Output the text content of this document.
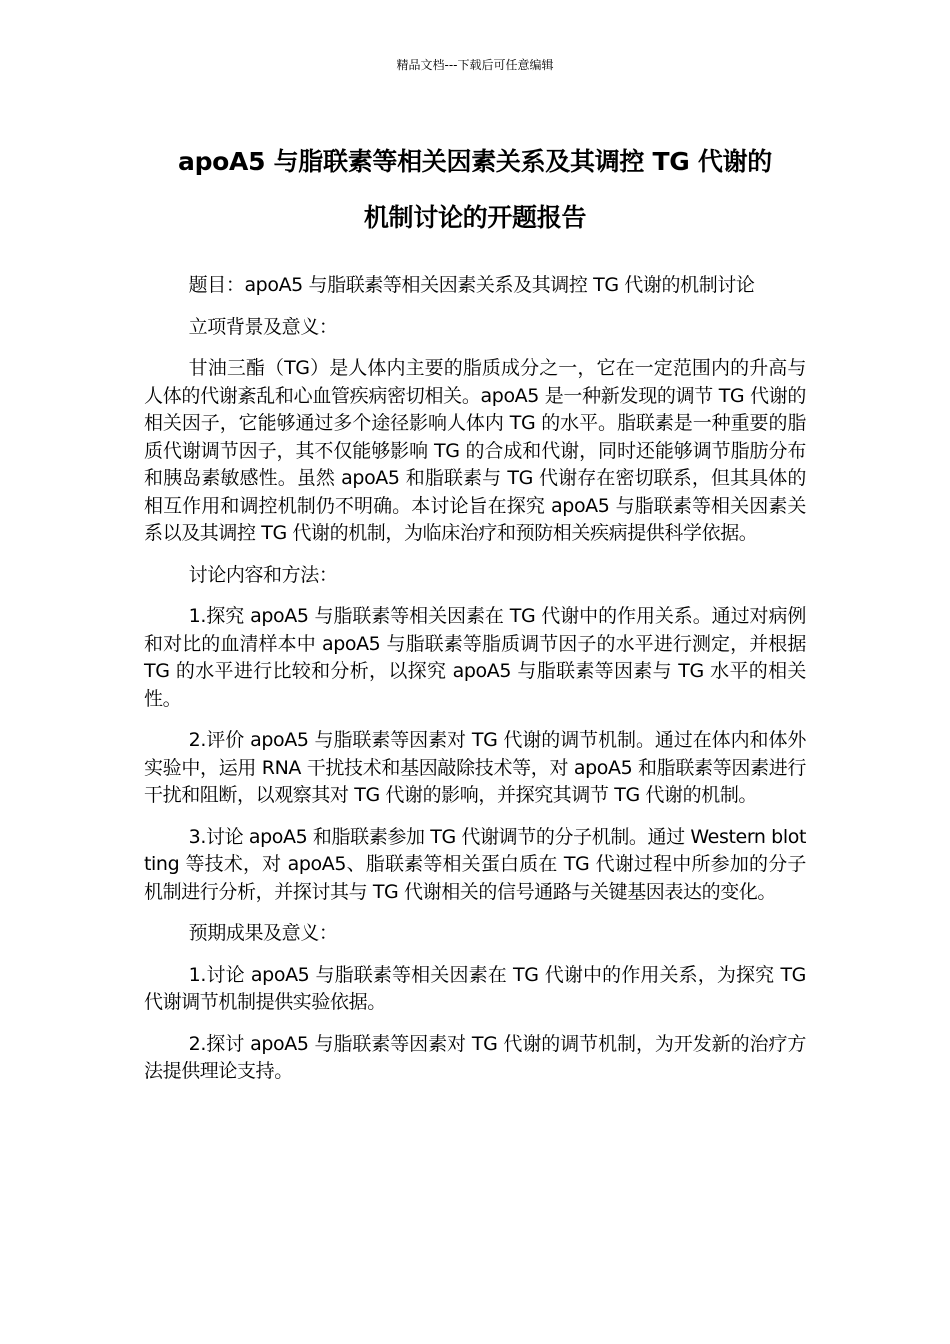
精品文档---下载后可任意编辑
apoA5 与脂联素等相关因素关系及其调控 TG 代谢的
机制讨论的开题报告

题目：apoA5 与脂联素等相关因素关系及其调控 TG 代谢的机制讨论

立项背景及意义：

甘油三酯（TG）是人体内主要的脂质成分之一，它在一定范围内的升高与人体的代谢紊乱和心血管疾病密切相关。apoA5 是一种新发现的调节 TG 代谢的相关因子，它能够通过多个途径影响人体内 TG 的水平。脂联素是一种重要的脂质代谢调节因子，其不仅能够影响 TG 的合成和代谢，同时还能够调节脂肪分布和胰岛素敏感性。虽然 apoA5 和脂联素与 TG 代谢存在密切联系，但其具体的相互作用和调控机制仍不明确。本讨论旨在探究 apoA5 与脂联素等相关因素关系以及其调控 TG 代谢的机制，为临床治疗和预防相关疾病提供科学依据。

讨论内容和方法：

1.探究 apoA5 与脂联素等相关因素在 TG 代谢中的作用关系。通过对病例和对比的血清样本中 apoA5 与脂联素等脂质调节因子的水平进行测定，并根据 TG 的水平进行比较和分析，以探究 apoA5 与脂联素等因素与 TG 水平的相关性。

2.评价 apoA5 与脂联素等因素对 TG 代谢的调节机制。通过在体内和体外实验中，运用 RNA 干扰技术和基因敲除技术等，对 apoA5 和脂联素等因素进行干扰和阻断，以观察其对 TG 代谢的影响，并探究其调节 TG 代谢的机制。

3.讨论 apoA5 和脂联素参加 TG 代谢调节的分子机制。通过 Western blotting 等技术，对 apoA5、脂联素等相关蛋白质在 TG 代谢过程中所参加的分子机制进行分析，并探讨其与 TG 代谢相关的信号通路与关键基因表达的变化。

预期成果及意义：

1.讨论 apoA5 与脂联素等相关因素在 TG 代谢中的作用关系，为探究 TG 代谢调节机制提供实验依据。

2.探讨 apoA5 与脂联素等因素对 TG 代谢的调节机制，为开发新的治疗方法提供理论支持。
